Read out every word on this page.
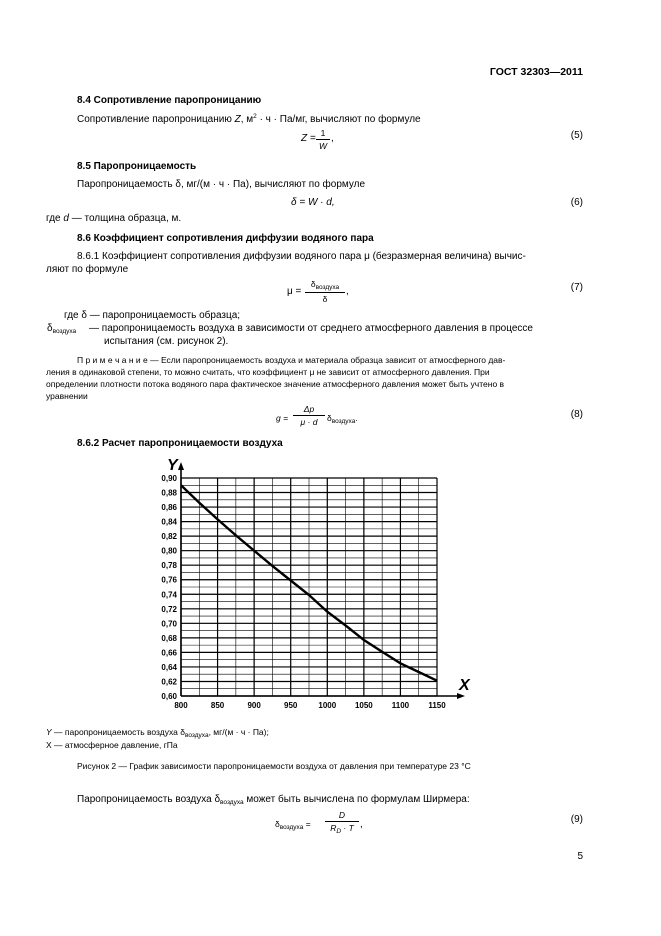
ГОСТ 32303—2011
8.4 Сопротивление паропроницанию
Сопротивление паропроницанию Z, $м^2 \cdot ч \cdot Па/мг$, вычисляют по формуле
Z = 1
W
,	(5)
8.5 Паропроницаемость
Паропроницаемость δ, мг/(м · ч · Па), вычисляют по формуле
δ = W · d,	(6)
где d — толщина образца, м.
8.6 Коэффициент сопротивления диффузии водяного пара
8.6.1 Коэффициент сопротивления диффузии водяного пара μ (безразмерная величина) вычис-
ляют по формуле
μ =
$\delta_{воздуха}$
δ
,	(7)
где δ — паропроницаемость образца;
$\delta_{воздуха}$ — паропроницаемость воздуха в зависимости от среднего атмосферного давления в процессе
испытания (см. рисунок 2).
П р и м е ч а н и е — Если паропроницаемость воздуха и материала образца зависит от атмосферного дав-
ления в одинаковой степени, то можно считать, что коэффициент μ не зависит от атмосферного давления. При
определении плотности потока водяного пара фактическое значение атмосферного давления может быть учтено в
уравнении
g =
Δp
μ · d	$\delta_{воздуха}$.	(8)
8.6.2 Расчет паропроницаемости воздуха
0,60
0,62
0,64
0,66
0,68
0,70
0,72
0,74
0,76
0,78
0,80
0,82
0,84
0,86
0,88
0,90
800	850	900	950	1000 1050 1100 1150
X
Y
Y — паропроницаемость воздуха $\delta_{воздуха}$, мг/(м · ч · Па);
X — атмосферное давление, гПа
Рисунок 2 — График зависимости паропроницаемости воздуха от давления при температуре 23 °С
Паропроницаемость воздуха $\delta_{воздуха}$ может быть вычислена по формулам Ширмера:
$\delta_{воздуха}$ =
D
$R_D \cdot T$ ,	(9)
5
